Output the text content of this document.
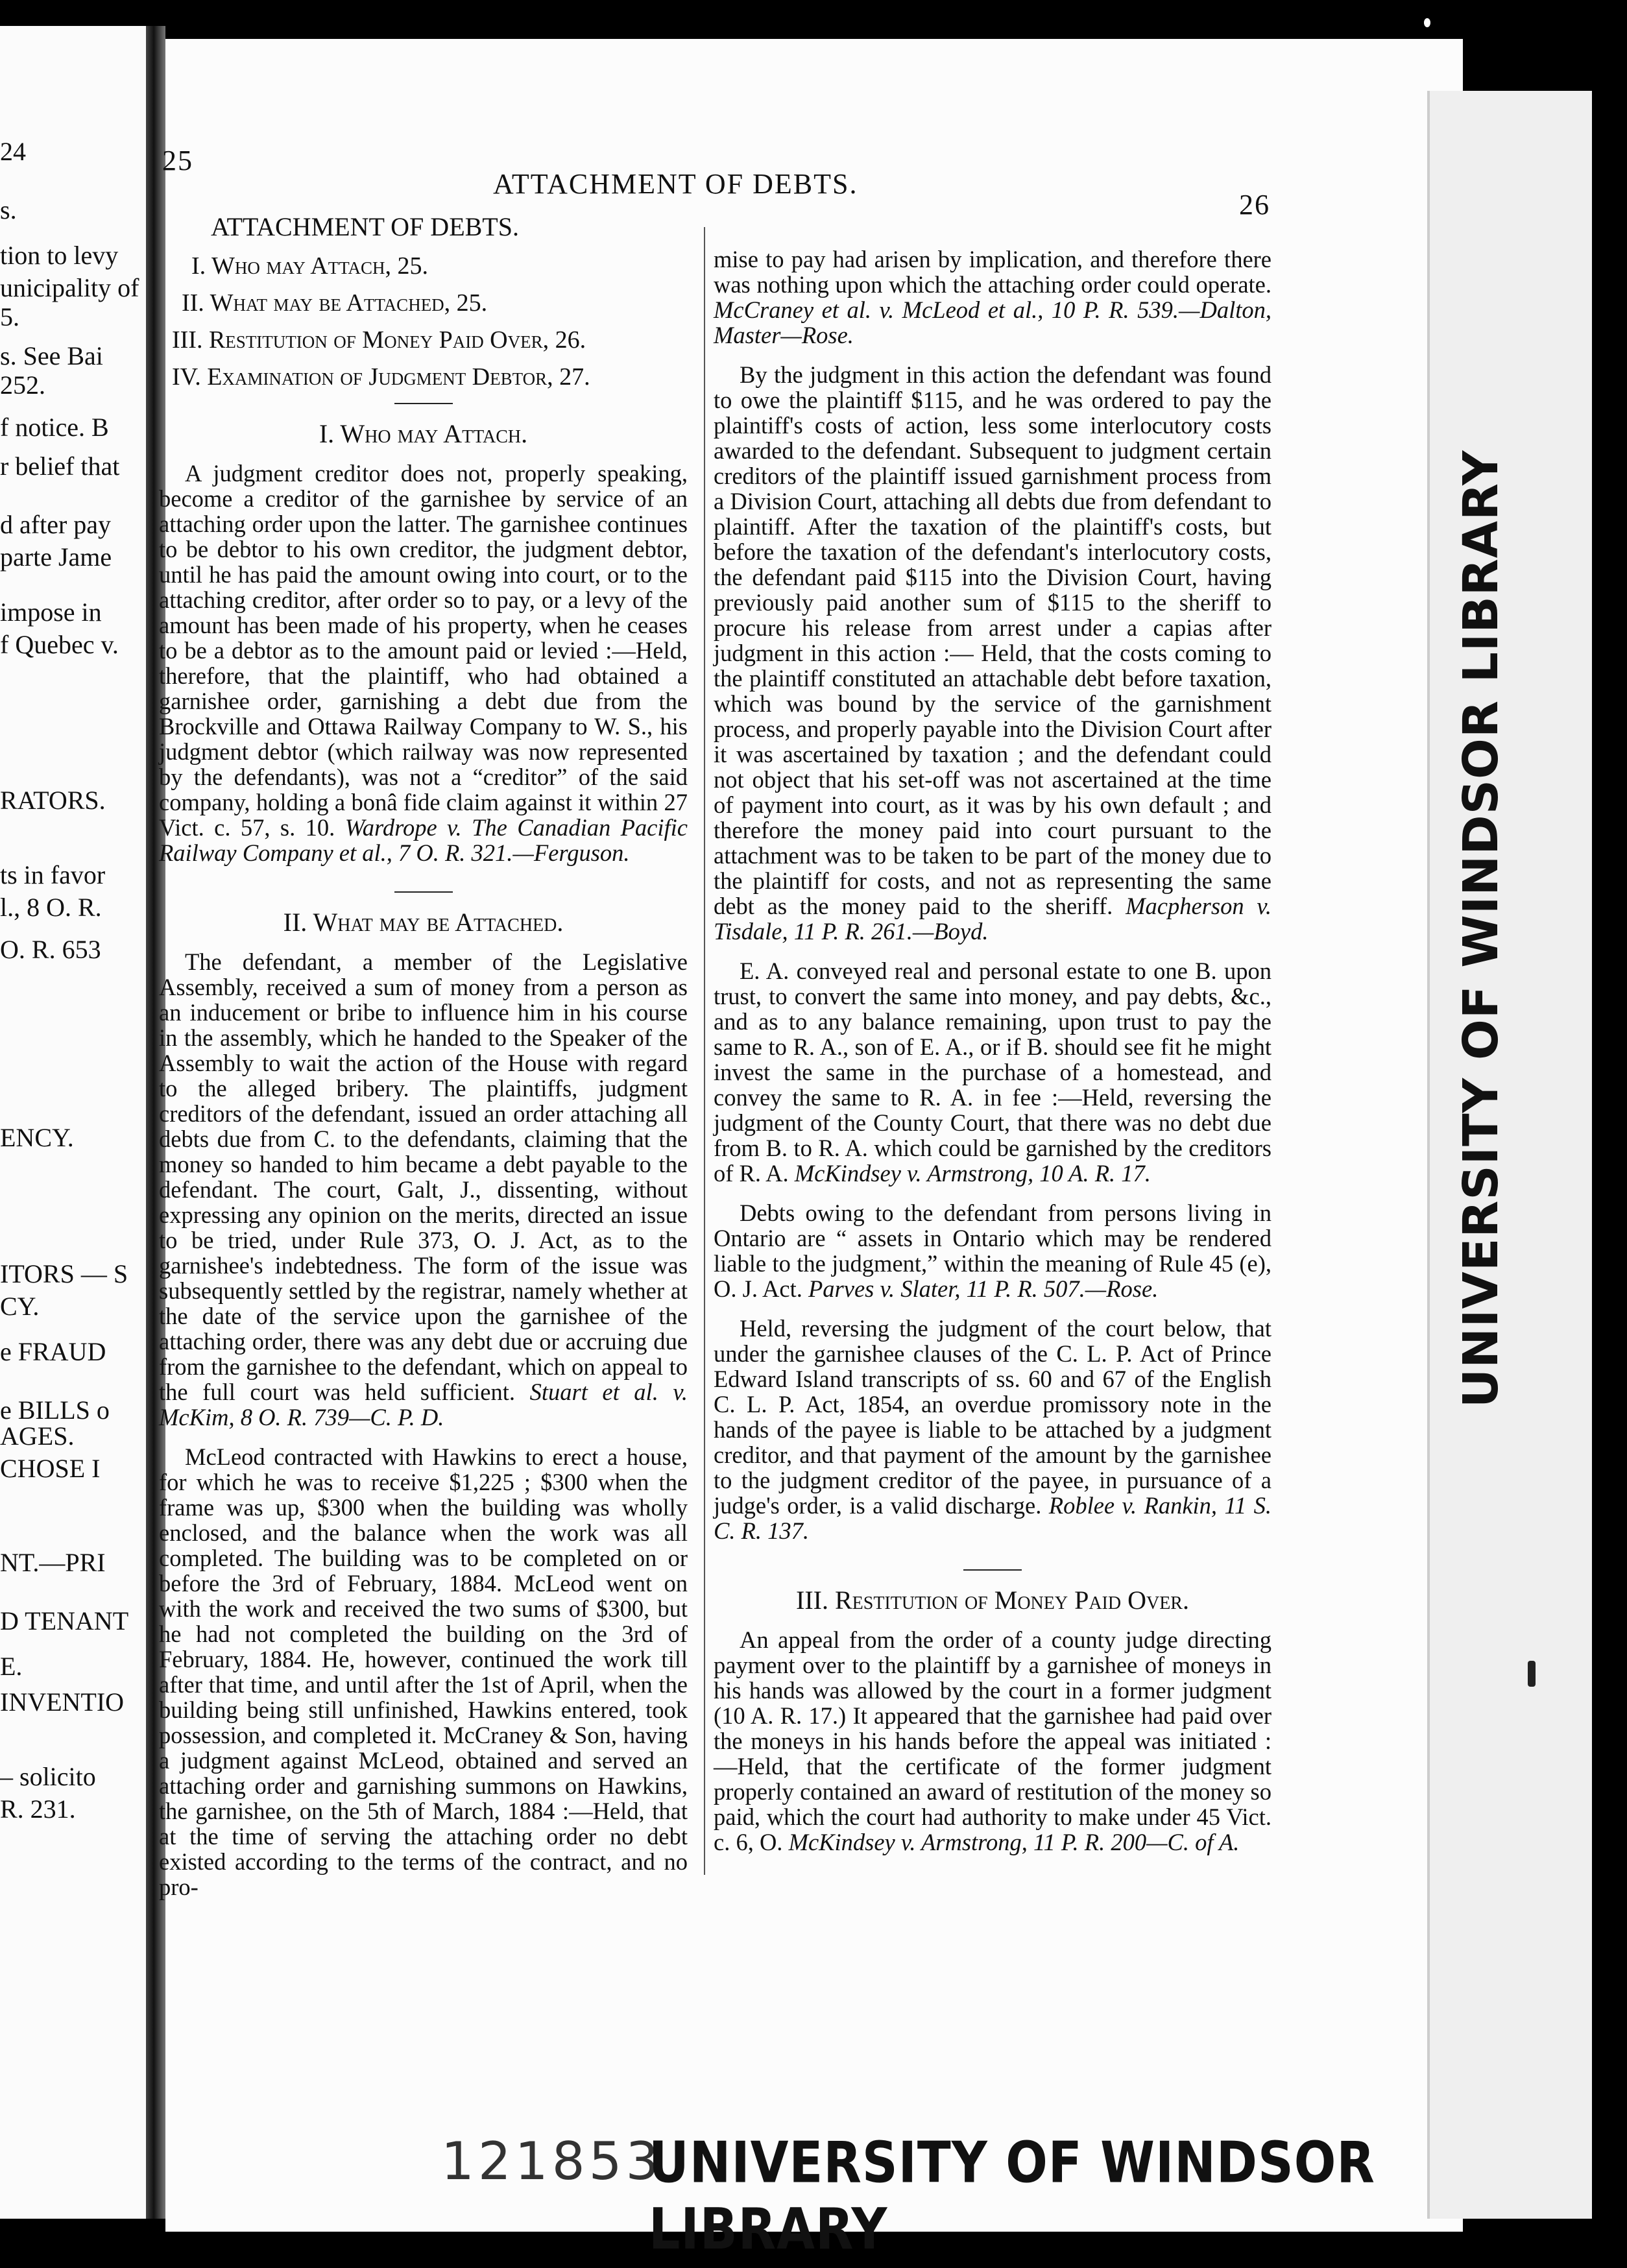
24
s.
tion to levy
unicipality of
5.
s. See Bai
252.
f notice. B
r belief that
d after pay
parte Jame
impose in
f Quebec v.
RATORS.
ts in favor
l., 8 O. R.
O. R. 653
ENCY.
ITORS — S
CY.
e FRAUD
e BILLS o
AGES.
CHOSE I
NT.—PRI
D TENANT
E.
INVENTIO
– solicito
R. 231.
25
ATTACHMENT OF DEBTS.
26
ATTACHMENT OF DEBTS.
I. Who may Attach, 25.
II. What may be Attached, 25.
III. Restitution of Money Paid Over, 26.
IV. Examination of Judgment Debtor, 27.
I. Who may Attach.

A judgment creditor does not, properly speaking, become a creditor of the garnishee by service of an attaching order upon the latter. The garnishee continues to be debtor to his own creditor, the judgment debtor, until he has paid the amount owing into court, or to the attaching creditor, after order so to pay, or a levy of the amount has been made of his property, when he ceases to be a debtor as to the amount paid or levied :—Held, therefore, that the plaintiff, who had obtained a garnishee order, garnishing a debt due from the Brockville and Ottawa Railway Company to W. S., his judgment debtor (which railway was now represented by the defendants), was not a “creditor” of the said company, holding a bonâ fide claim against it within 27 Vict. c. 57, s. 10. Wardrope v. The Canadian Pacific Railway Company et al., 7 O. R. 321.—Ferguson.

II. What may be Attached.

The defendant, a member of the Legislative Assembly, received a sum of money from a person as an inducement or bribe to influence him in his course in the assembly, which he handed to the Speaker of the Assembly to wait the action of the House with regard to the alleged bribery. The plaintiffs, judgment creditors of the defendant, issued an order attaching all debts due from C. to the defendants, claiming that the money so handed to him became a debt payable to the defendant. The court, Galt, J., dissenting, without expressing any opinion on the merits, directed an issue to be tried, under Rule 373, O. J. Act, as to the garnishee's indebtedness. The form of the issue was subsequently settled by the registrar, namely whether at the date of the service upon the garnishee of the attaching order, there was any debt due or accruing due from the garnishee to the defendant, which on appeal to the full court was held sufficient. Stuart et al. v. McKim, 8 O. R. 739—C. P. D.

McLeod contracted with Hawkins to erect a house, for which he was to receive $1,225 ; $300 when the frame was up, $300 when the building was wholly enclosed, and the balance when the work was all completed. The building was to be completed on or before the 3rd of February, 1884. McLeod went on with the work and received the two sums of $300, but he had not completed the building on the 3rd of February, 1884. He, however, continued the work till after that time, and until after the 1st of April, when the building being still unfinished, Hawkins entered, took possession, and completed it. McCraney & Son, having a judgment against McLeod, obtained and served an attaching order and garnishing summons on Hawkins, the garnishee, on the 5th of March, 1884 :—Held, that at the time of serving the attaching order no debt existed according to the terms of the contract, and no pro-

mise to pay had arisen by implication, and therefore there was nothing upon which the attaching order could operate. McCraney et al. v. McLeod et al., 10 P. R. 539.—Dalton, Master—Rose.

By the judgment in this action the defendant was found to owe the plaintiff $115, and he was ordered to pay the plaintiff's costs of action, less some interlocutory costs awarded to the defendant. Subsequent to judgment certain creditors of the plaintiff issued garnishment process from a Division Court, attaching all debts due from defendant to plaintiff. After the taxation of the plaintiff's costs, but before the taxation of the defendant's interlocutory costs, the defendant paid $115 into the Division Court, having previously paid another sum of $115 to the sheriff to procure his release from arrest under a capias after judgment in this action :— Held, that the costs coming to the plaintiff constituted an attachable debt before taxation, which was bound by the service of the garnishment process, and properly payable into the Division Court after it was ascertained by taxation ; and the defendant could not object that his set-off was not ascertained at the time of payment into court, as it was by his own default ; and therefore the money paid into court pursuant to the attachment was to be taken to be part of the money due to the plaintiff for costs, and not as representing the same debt as the money paid to the sheriff. Macpherson v. Tisdale, 11 P. R. 261.—Boyd.

E. A. conveyed real and personal estate to one B. upon trust, to convert the same into money, and pay debts, &c., and as to any balance remaining, upon trust to pay the same to R. A., son of E. A., or if B. should see fit he might invest the same in the purchase of a homestead, and convey the same to R. A. in fee :—Held, reversing the judgment of the County Court, that there was no debt due from B. to R. A. which could be garnished by the creditors of R. A. McKindsey v. Armstrong, 10 A. R. 17.

Debts owing to the defendant from persons living in Ontario are “ assets in Ontario which may be rendered liable to the judgment,” within the meaning of Rule 45 (e), O. J. Act. Parves v. Slater, 11 P. R. 507.—Rose.

Held, reversing the judgment of the court below, that under the garnishee clauses of the C. L. P. Act of Prince Edward Island transcripts of ss. 60 and 67 of the English C. L. P. Act, 1854, an overdue promissory note in the hands of the payee is liable to be attached by a judgment creditor, and that payment of the amount by the garnishee to the judgment creditor of the payee, in pursuance of a judge's order, is a valid discharge. Roblee v. Rankin, 11 S. C. R. 137.

III. Restitution of Money Paid Over.

An appeal from the order of a county judge directing payment over to the plaintiff by a garnishee of moneys in his hands was allowed by the court in a former judgment (10 A. R. 17.) It appeared that the garnishee had paid over the moneys in his hands before the appeal was initiated :—Held, that the certificate of the former judgment properly contained an award of restitution of the money so paid, which the court had authority to make under 45 Vict. c. 6, O. McKindsey v. Armstrong, 11 P. R. 200—C. of A.

121853
UNIVERSITY OF WINDSOR LIBRARY
UNIVERSITY OF WINDSOR LIBRARY
